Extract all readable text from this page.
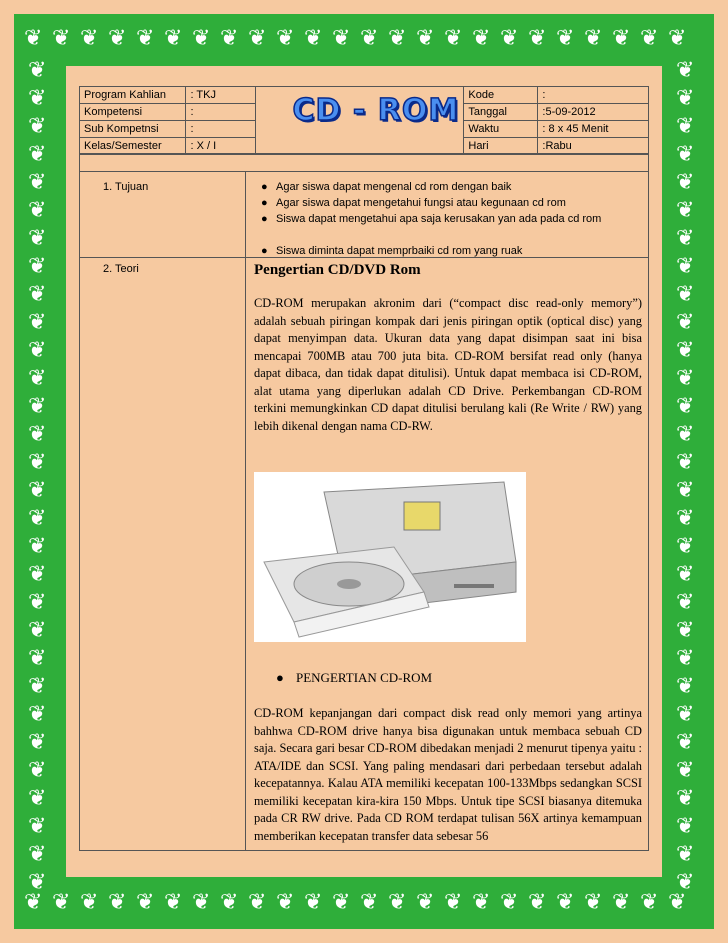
❦
❦
❦
❦
❦
❦
❦
❦
❦
❦
❦
❦
❦
❦
❦
❦
❦
❦
❦
❦
❦
❦
❦
❦
❦
❦
❦
❦
❦
❦
❦
❦
❦
❦
❦
❦
❦
❦
❦
❦
❦
❦
❦
❦
❦
❦
❦
❦
❦	❦
❦	❦
❦	❦
❦	❦
❦	❦
❦	❦
❦	❦
❦	❦
❦	❦
❦	❦
❦	❦
❦	❦
❦	❦
❦	❦
❦	❦
❦	❦
❦	❦
❦	❦
❦	❦
❦	❦
❦	❦
❦	❦
❦	❦
❦	❦
❦	❦
❦	❦
❦	❦
❦	❦
❦	❦
❦	❦
Program Kahlian	: TKJ	CD - ROM	Kode	:
Kompetensi	:		Tanggal	:5-09-2012
Sub Kompetnsi	:		Waktu	: 8 x 45 Menit
Kelas/Semester	: X / I		Hari	:Rabu
1. Tujuan	● Agar siswa dapat mengenal cd rom dengan baik
● Agar siswa dapat mengetahui fungsi atau kegunaan cd rom
● Siswa dapat mengetahui apa saja kerusakan yan ada pada cd rom
● Siswa diminta dapat memprbaiki cd rom yang ruak
2. Teori	Pengertian CD/DVD Rom
CD-ROM merupakan akronim dari (“compact disc read-only memory”) adalah sebuah piringan kompak dari jenis piringan optik (optical disc) yang dapat menyimpan data. Ukuran data yang dapat disimpan saat ini bisa mencapai 700MB atau 700 juta bita. CD-ROM bersifat read only (hanya dapat dibaca, dan tidak dapat ditulisi). Untuk dapat membaca isi CD-ROM, alat utama yang diperlukan adalah CD Drive. Perkembangan CD-ROM terkini memungkinkan CD dapat ditulisi berulang kali (Re Write / RW) yang lebih dikenal dengan nama CD-RW.
● PENGERTIAN CD-ROM
CD-ROM kepanjangan dari compact disk read only memori yang artinya bahhwa CD-ROM drive hanya bisa digunakan untuk membaca sebuah CD saja. Secara gari besar CD-ROM dibedakan menjadi 2 menurut tipenya yaitu : ATA/IDE dan SCSI. Yang paling mendasari dari perbedaan tersebut adalah kecepatannya. Kalau ATA memiliki kecepatan 100-133Mbps sedangkan SCSI memiliki kecepatan kira-kira 150 Mbps. Untuk tipe SCSI biasanya ditemuka pada CR RW drive. Pada CD ROM terdapat tulisan 56X artinya kemampuan memberikan kecepatan transfer data sebesar 56
